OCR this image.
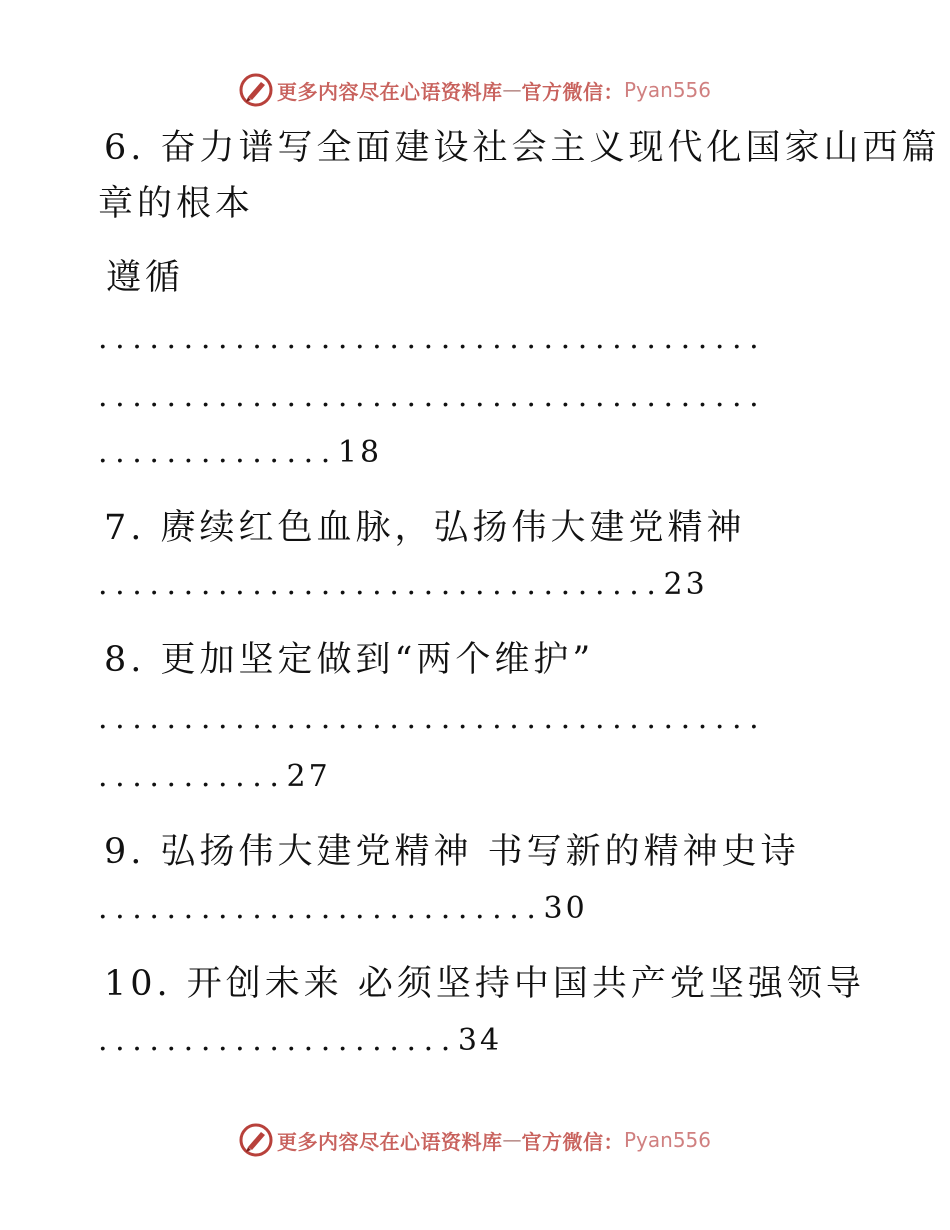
更多内容尽在心语资料库 — 官方微信： Pyan556
6. 奋力谱写全面建设社会主义现代化国家山西篇
章的根本
遵循
.......................................
.......................................
..............18
7. 赓续红色血脉，弘扬伟大建党精神
.................................23
8. 更加坚定做到“两个维护”
.......................................
...........27
9. 弘扬伟大建党精神 书写新的精神史诗
..........................30
10. 开创未来 必须坚持中国共产党坚强领导
.....................34
更多内容尽在心语资料库 — 官方微信： Pyan556
